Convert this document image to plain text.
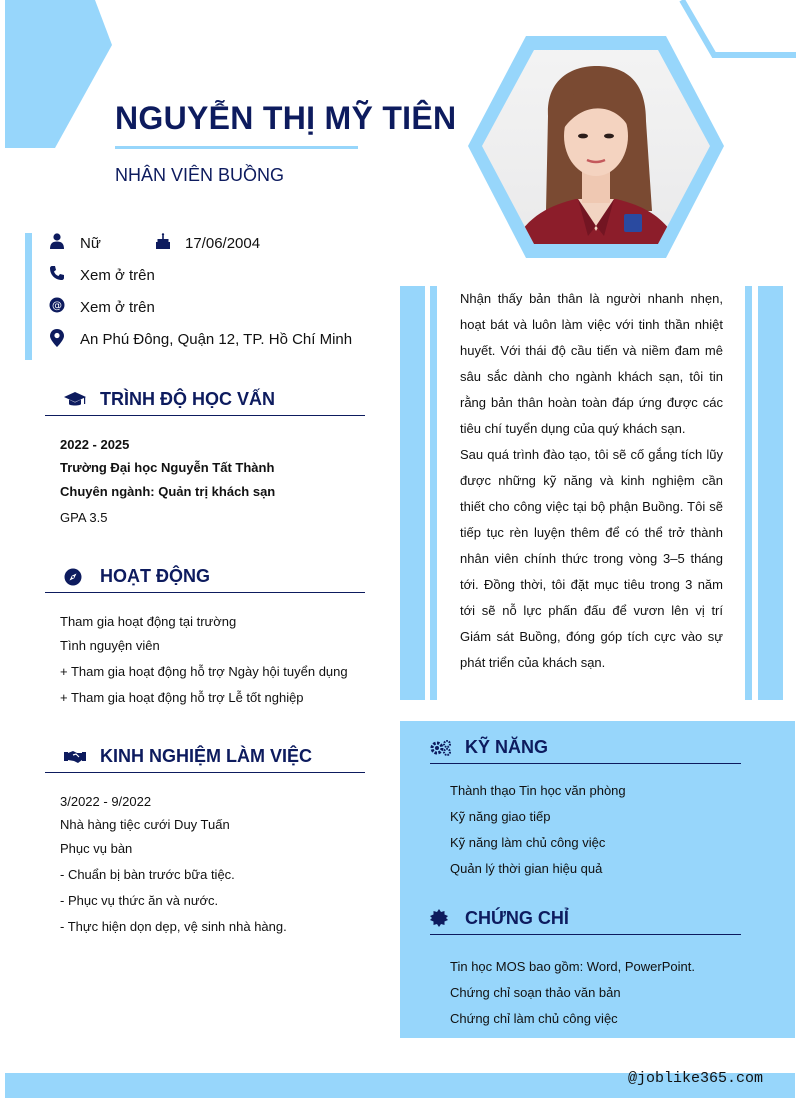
NGUYỄN THỊ MỸ TIÊN
NHÂN VIÊN BUỒNG
Nữ	17/06/2004
Xem ở trên
@ Xem ở trên
An Phú Đông, Quận 12, TP. Hồ Chí Minh
TRÌNH ĐỘ HỌC VẤN
2022 - 2025
Trường Đại học Nguyễn Tất Thành
Chuyên ngành: Quản trị khách sạn
GPA 3.5
HOẠT ĐỘNG
Tham gia hoạt động tại trường
Tình nguyện viên
+ Tham gia hoạt động hỗ trợ Ngày hội tuyển dụng
+ Tham gia hoạt động hỗ trợ Lễ tốt nghiệp
KINH NGHIỆM LÀM VIỆC
3/2022 - 9/2022
Nhà hàng tiệc cưới Duy Tuấn
Phục vụ bàn
- Chuẩn bị bàn trước bữa tiệc.
- Phục vụ thức ăn và nước.
- Thực hiện dọn dẹp, vệ sinh nhà hàng.

Nhận thấy bản thân là người nhanh nhẹn, hoạt bát và luôn làm việc với tinh thần nhiệt huyết. Với thái độ cầu tiến và niềm đam mê sâu sắc dành cho ngành khách sạn, tôi tin rằng bản thân hoàn toàn đáp ứng được các tiêu chí tuyển dụng của quý khách sạn.

Sau quá trình đào tạo, tôi sẽ cố gắng tích lũy được những kỹ năng và kinh nghiệm cần thiết cho công việc tại bộ phận Buồng. Tôi sẽ tiếp tục rèn luyện thêm để có thể trở thành nhân viên chính thức trong vòng 3–5 tháng tới. Đồng thời, tôi đặt mục tiêu trong 3 năm tới sẽ nỗ lực phấn đấu để vươn lên vị trí Giám sát Buồng, đóng góp tích cực vào sự phát triển của khách sạn.

KỸ NĂNG
Thành thạo Tin học văn phòng
Kỹ năng giao tiếp
Kỹ năng làm chủ công việc
Quản lý thời gian hiệu quả
CHỨNG CHỈ
Tin học MOS bao gồm: Word, PowerPoint.
Chứng chỉ soạn thảo văn bản
Chứng chỉ làm chủ công việc
@joblike365.com
